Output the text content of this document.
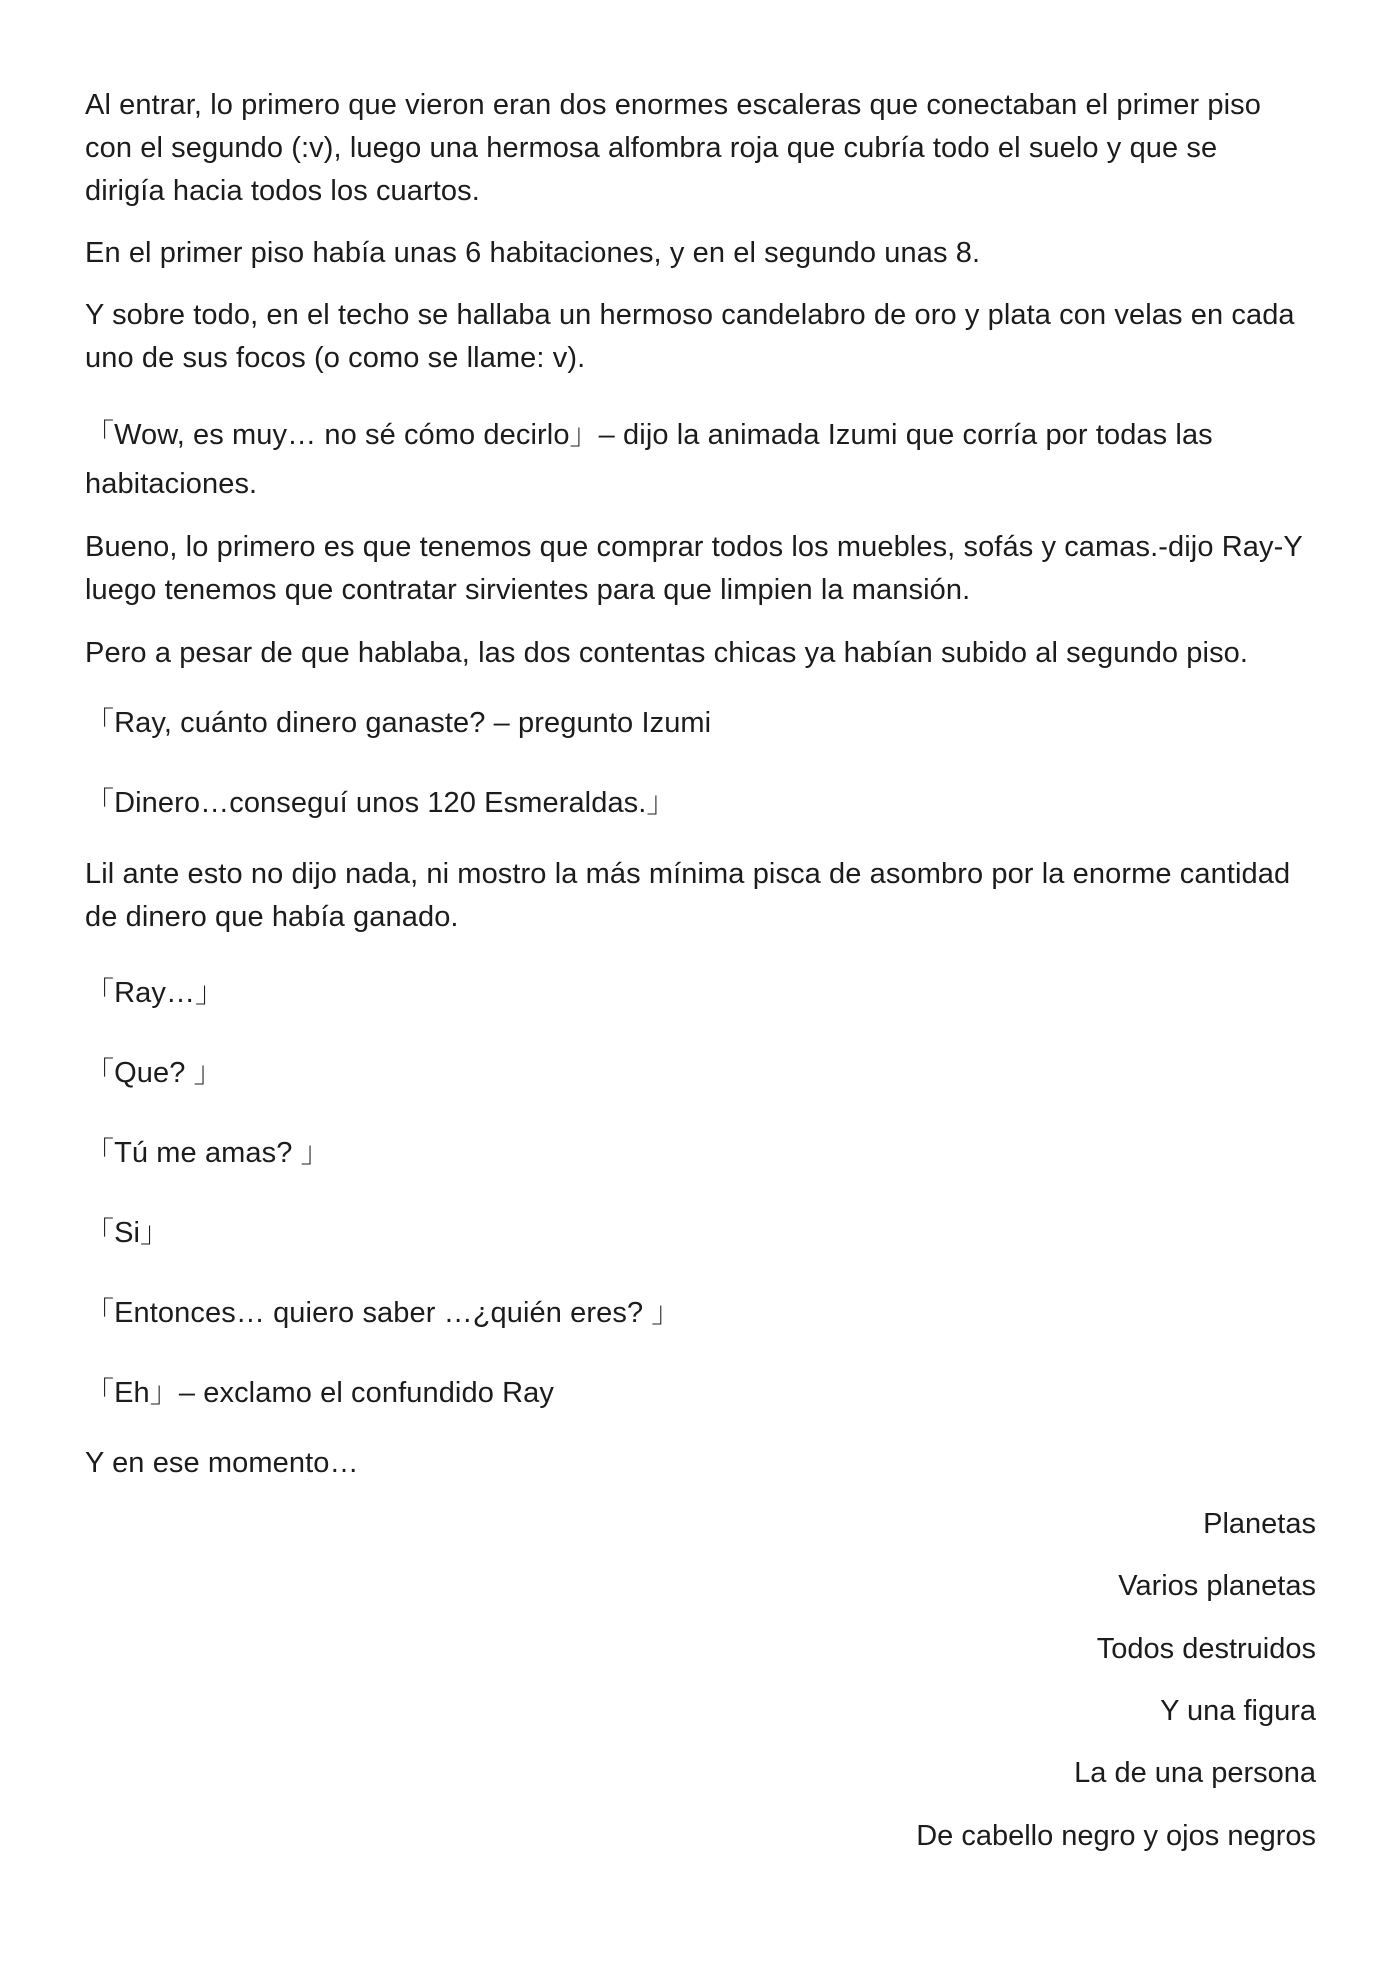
Al entrar, lo primero que vieron eran dos enormes escaleras que conectaban el primer piso
con el segundo (:v), luego una hermosa alfombra roja que cubría todo el suelo y que se
dirigía hacia todos los cuartos.
En el primer piso había unas 6 habitaciones, y en el segundo unas 8.
Y sobre todo, en el techo se hallaba un hermoso candelabro de oro y plata con velas en cada
uno de sus focos (o como se llame: v).
「Wow, es muy… no sé cómo decirlo」– dijo la animada Izumi que corría por todas las
habitaciones.
Bueno, lo primero es que tenemos que comprar todos los muebles, sofás y camas.-dijo Ray-Y
luego tenemos que contratar sirvientes para que limpien la mansión.
Pero a pesar de que hablaba, las dos contentas chicas ya habían subido al segundo piso.
「Ray, cuánto dinero ganaste? – pregunto Izumi
「Dinero…conseguí unos 120 Esmeraldas.」
Lil ante esto no dijo nada, ni mostro la más mínima pisca de asombro por la enorme cantidad
de dinero que había ganado.
「Ray…」
「Que? 」
「Tú me amas? 」
「Si」
「Entonces… quiero saber …¿quién eres? 」
「Eh」– exclamo el confundido Ray
Y en ese momento…
Planetas
Varios planetas
Todos destruidos
Y una figura
La de una persona
De cabello negro y ojos negros
